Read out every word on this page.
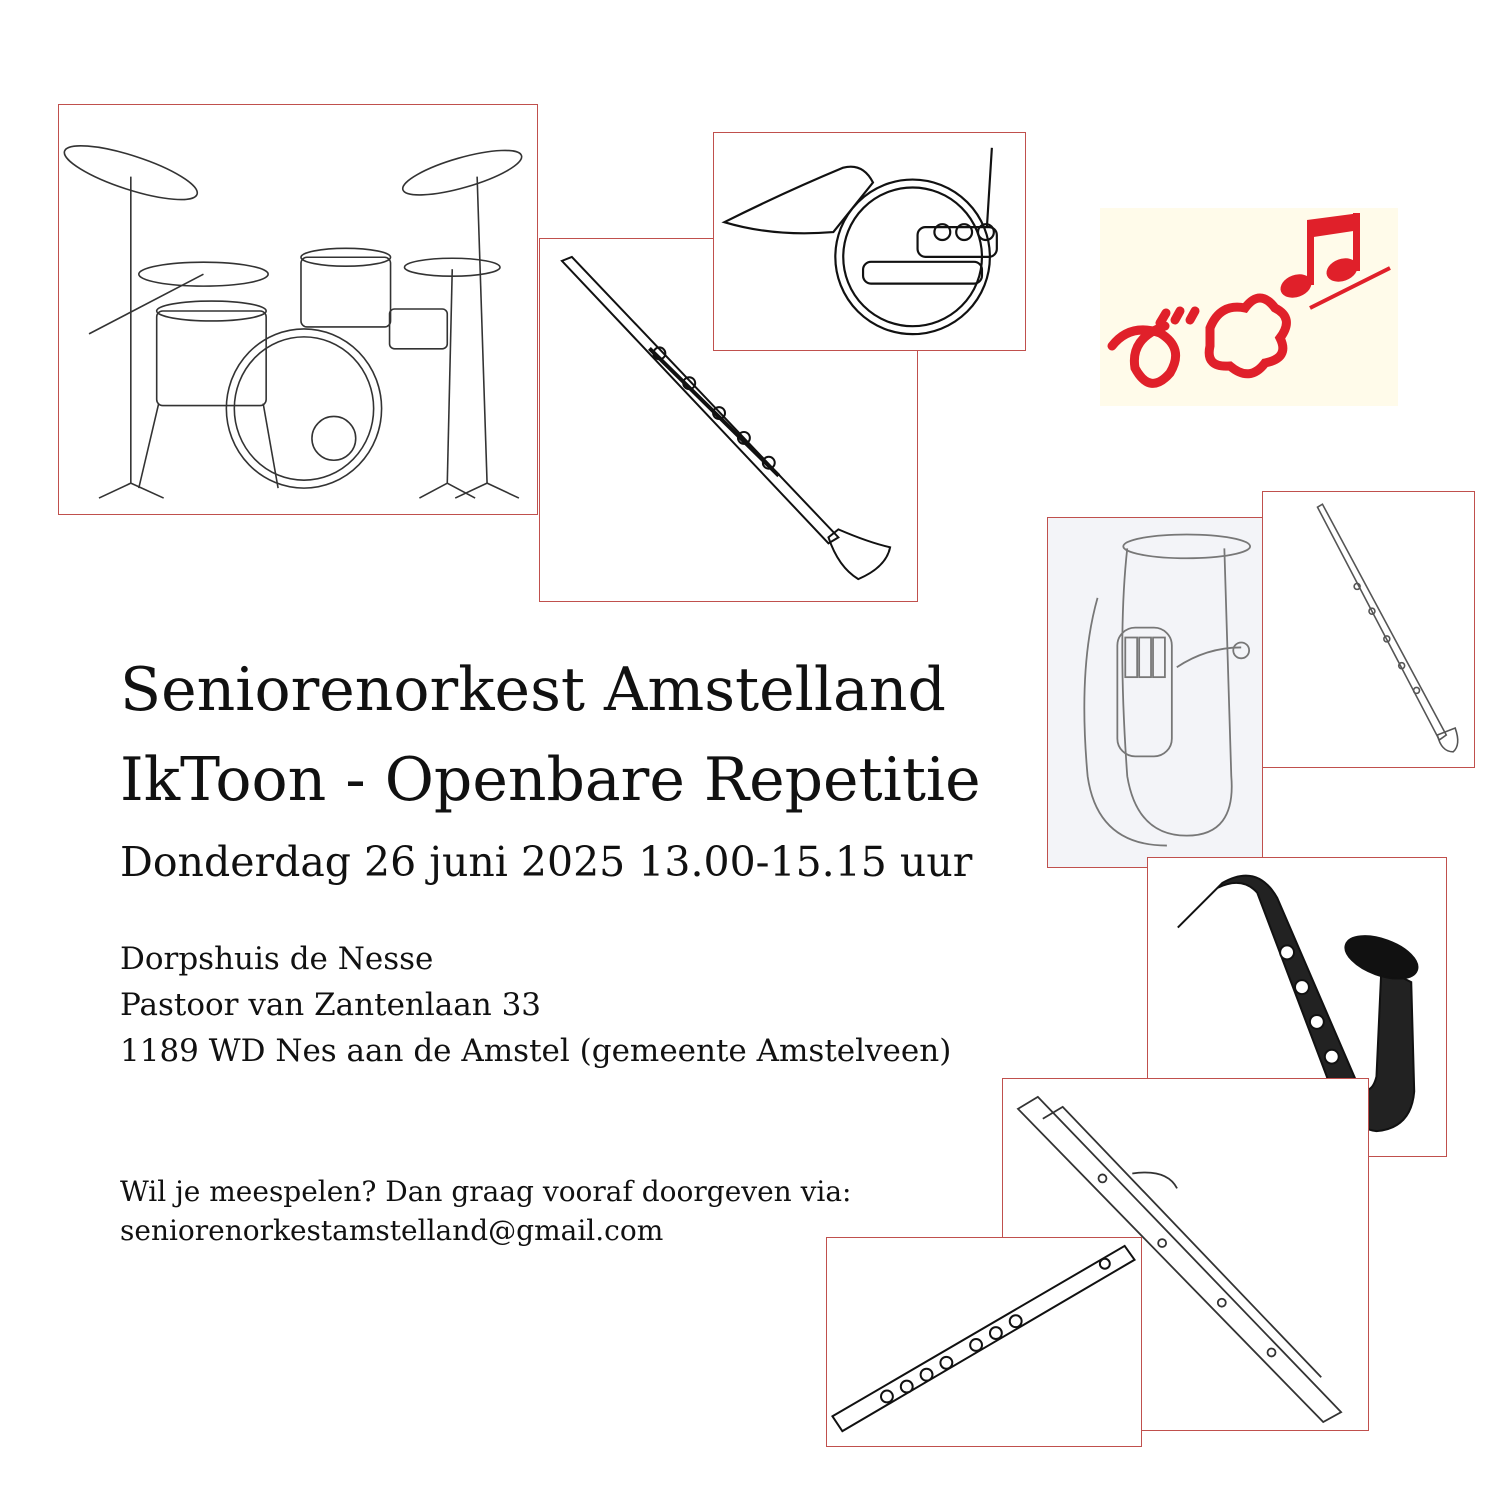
Seniorenorkest Amstelland
IkToon - Openbare Repetitie
Donderdag 26 juni 2025 13.00-15.15 uur
Dorpshuis de Nesse
Pastoor van Zantenlaan 33
1189 WD Nes aan de Amstel (gemeente Amstelveen)
Wil je meespelen? Dan graag vooraf doorgeven via:
seniorenorkestamstelland@gmail.com
